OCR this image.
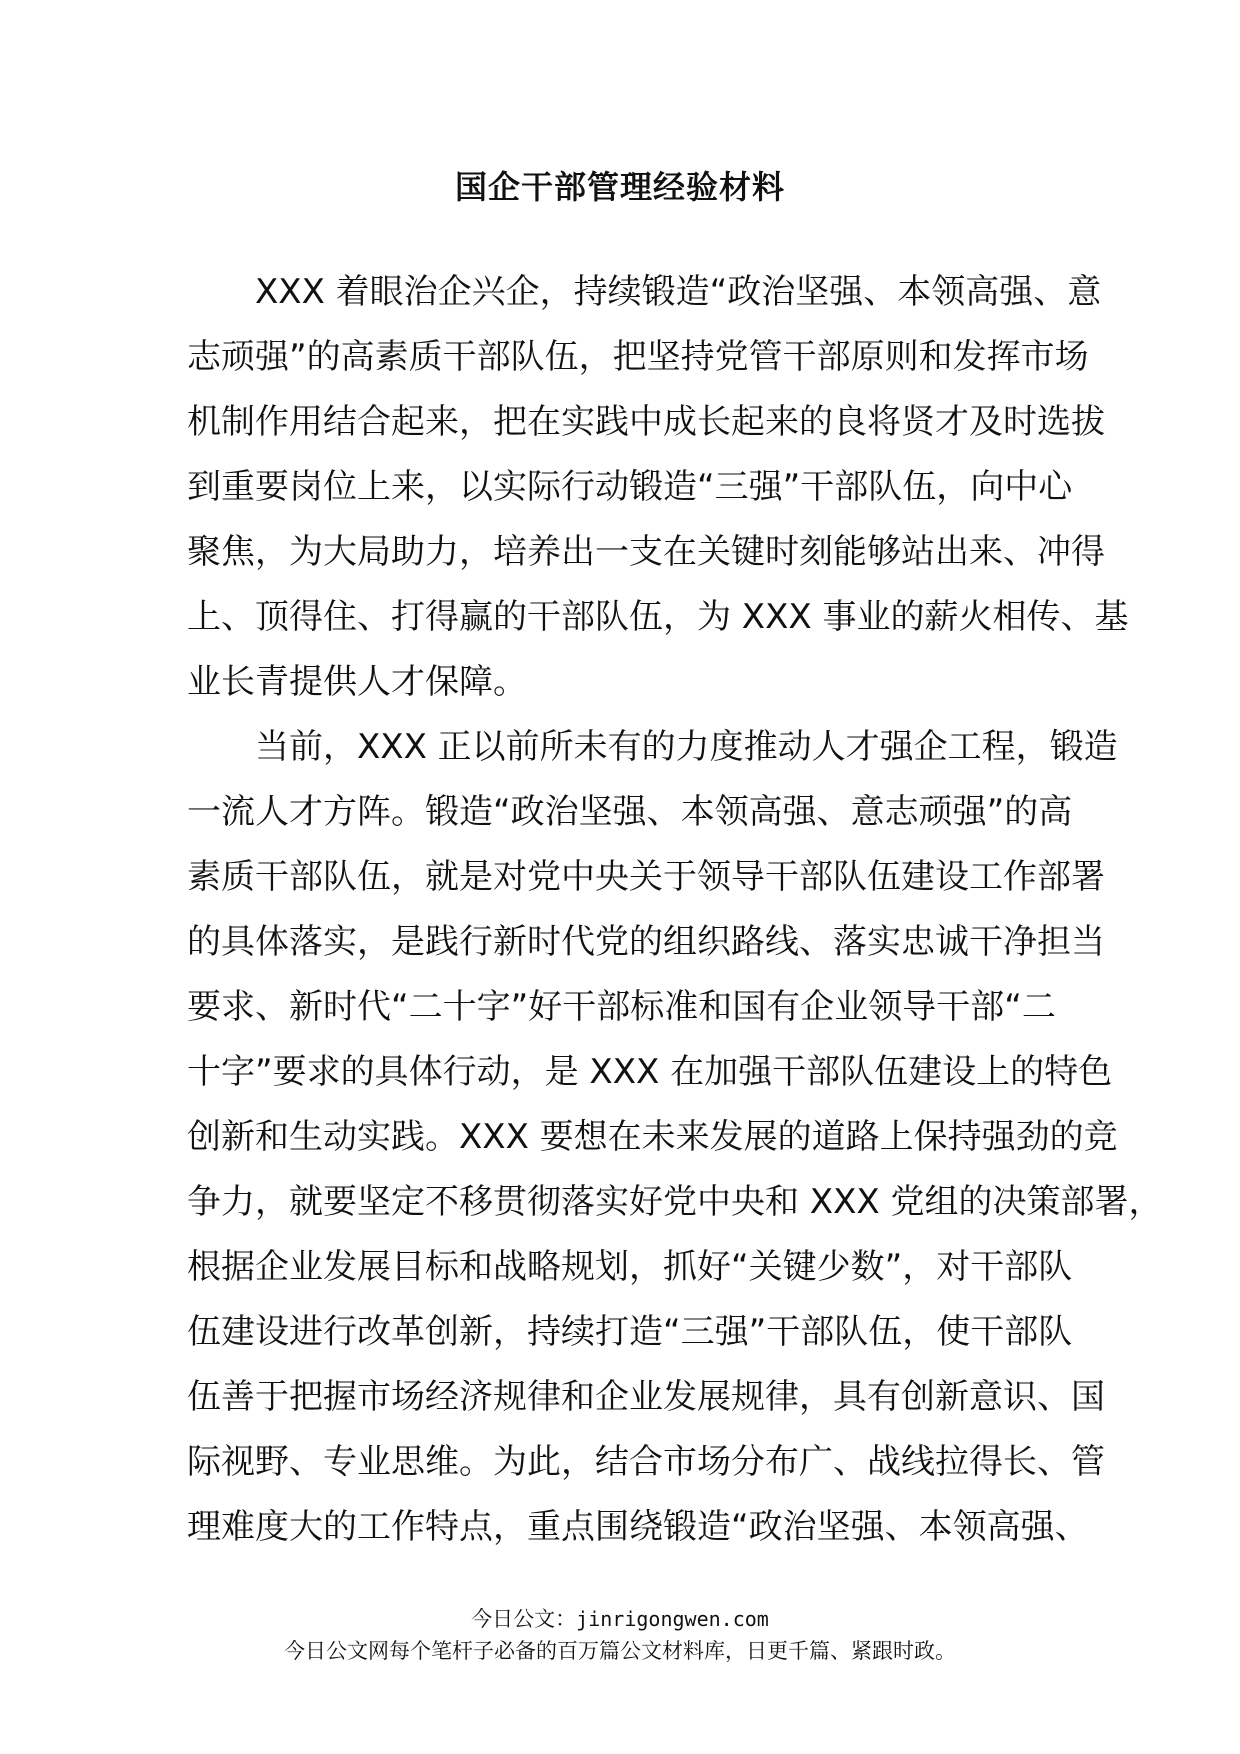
国企干部管理经验材料
XXX 着眼治企兴企，持续锻造“政治坚强、本领高强、意
志顽强”的高素质干部队伍，把坚持党管干部原则和发挥市场
机制作用结合起来，把在实践中成长起来的良将贤才及时选拔
到重要岗位上来，以实际行动锻造“三强”干部队伍，向中心
聚焦，为大局助力，培养出一支在关键时刻能够站出来、冲得
上、顶得住、打得赢的干部队伍，为 XXX 事业的薪火相传、基
业长青提供人才保障。
当前，XXX 正以前所未有的力度推动人才强企工程，锻造
一流人才方阵。锻造“政治坚强、本领高强、意志顽强”的高
素质干部队伍，就是对党中央关于领导干部队伍建设工作部署
的具体落实，是践行新时代党的组织路线、落实忠诚干净担当
要求、新时代“二十字”好干部标准和国有企业领导干部“二
十字”要求的具体行动，是 XXX 在加强干部队伍建设上的特色
创新和生动实践。XXX 要想在未来发展的道路上保持强劲的竞
争力，就要坚定不移贯彻落实好党中央和 XXX 党组的决策部署，
根据企业发展目标和战略规划，抓好“关键少数”，对干部队
伍建设进行改革创新，持续打造“三强”干部队伍，使干部队
伍善于把握市场经济规律和企业发展规律，具有创新意识、国
际视野、专业思维。为此，结合市场分布广、战线拉得长、管
理难度大的工作特点，重点围绕锻造“政治坚强、本领高强、
今日公文：jinrigongwen.com
今日公文网每个笔杆子必备的百万篇公文材料库，日更千篇、紧跟时政。
